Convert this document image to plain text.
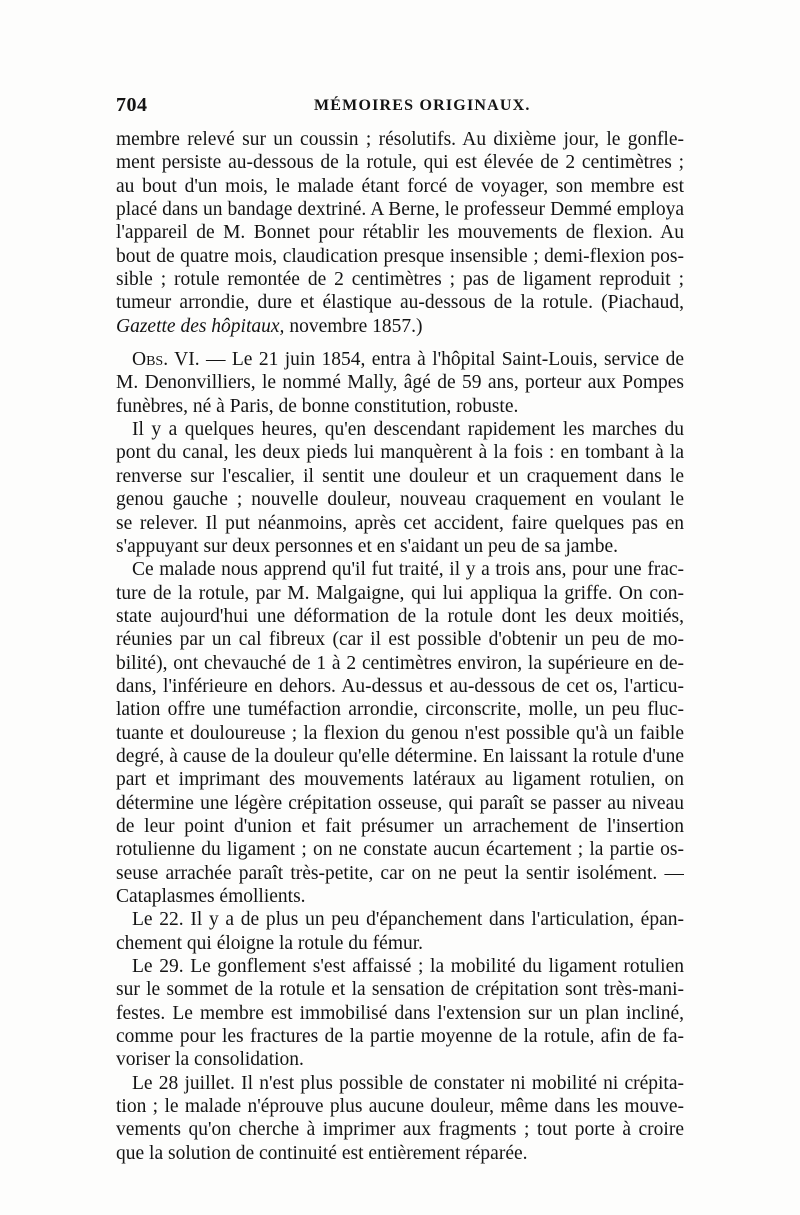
704	MÉMOIRES ORIGINAUX.
membre relevé sur un coussin ; résolutifs. Au dixième jour, le gonfle-
ment persiste au-dessous de la rotule, qui est élevée de 2 centimètres ;
au bout d'un mois, le malade étant forcé de voyager, son membre est
placé dans un bandage dextriné. A Berne, le professeur Demmé employa
l'appareil de M. Bonnet pour rétablir les mouvements de flexion. Au
bout de quatre mois, claudication presque insensible ; demi-flexion pos-
sible ; rotule remontée de 2 centimètres ; pas de ligament reproduit ;
tumeur arrondie, dure et élastique au-dessous de la rotule. (Piachaud,
Gazette des hôpitaux, novembre 1857.)
Obs. VI. — Le 21 juin 1854, entra à l'hôpital Saint-Louis, service de
M. Denonvilliers, le nommé Mally, âgé de 59 ans, porteur aux Pompes
funèbres, né à Paris, de bonne constitution, robuste.
Il y a quelques heures, qu'en descendant rapidement les marches du
pont du canal, les deux pieds lui manquèrent à la fois : en tombant à la
renverse sur l'escalier, il sentit une douleur et un craquement dans le
genou gauche ; nouvelle douleur, nouveau craquement en voulant le
se relever. Il put néanmoins, après cet accident, faire quelques pas en
s'appuyant sur deux personnes et en s'aidant un peu de sa jambe.
Ce malade nous apprend qu'il fut traité, il y a trois ans, pour une frac-
ture de la rotule, par M. Malgaigne, qui lui appliqua la griffe. On con-
state aujourd'hui une déformation de la rotule dont les deux moitiés,
réunies par un cal fibreux (car il est possible d'obtenir un peu de mo-
bilité), ont chevauché de 1 à 2 centimètres environ, la supérieure en de-
dans, l'inférieure en dehors. Au-dessus et au-dessous de cet os, l'articu-
lation offre une tuméfaction arrondie, circonscrite, molle, un peu fluc-
tuante et douloureuse ; la flexion du genou n'est possible qu'à un faible
degré, à cause de la douleur qu'elle détermine. En laissant la rotule d'une
part et imprimant des mouvements latéraux au ligament rotulien, on
détermine une légère crépitation osseuse, qui paraît se passer au niveau
de leur point d'union et fait présumer un arrachement de l'insertion
rotulienne du ligament ; on ne constate aucun écartement ; la partie os-
seuse arrachée paraît très-petite, car on ne peut la sentir isolément. —
Cataplasmes émollients.
Le 22. Il y a de plus un peu d'épanchement dans l'articulation, épan-
chement qui éloigne la rotule du fémur.
Le 29. Le gonflement s'est affaissé ; la mobilité du ligament rotulien
sur le sommet de la rotule et la sensation de crépitation sont très-mani-
festes. Le membre est immobilisé dans l'extension sur un plan incliné,
comme pour les fractures de la partie moyenne de la rotule, afin de fa-
voriser la consolidation.
Le 28 juillet. Il n'est plus possible de constater ni mobilité ni crépita-
tion ; le malade n'éprouve plus aucune douleur, même dans les mouve-
vements qu'on cherche à imprimer aux fragments ; tout porte à croire
que la solution de continuité est entièrement réparée.
